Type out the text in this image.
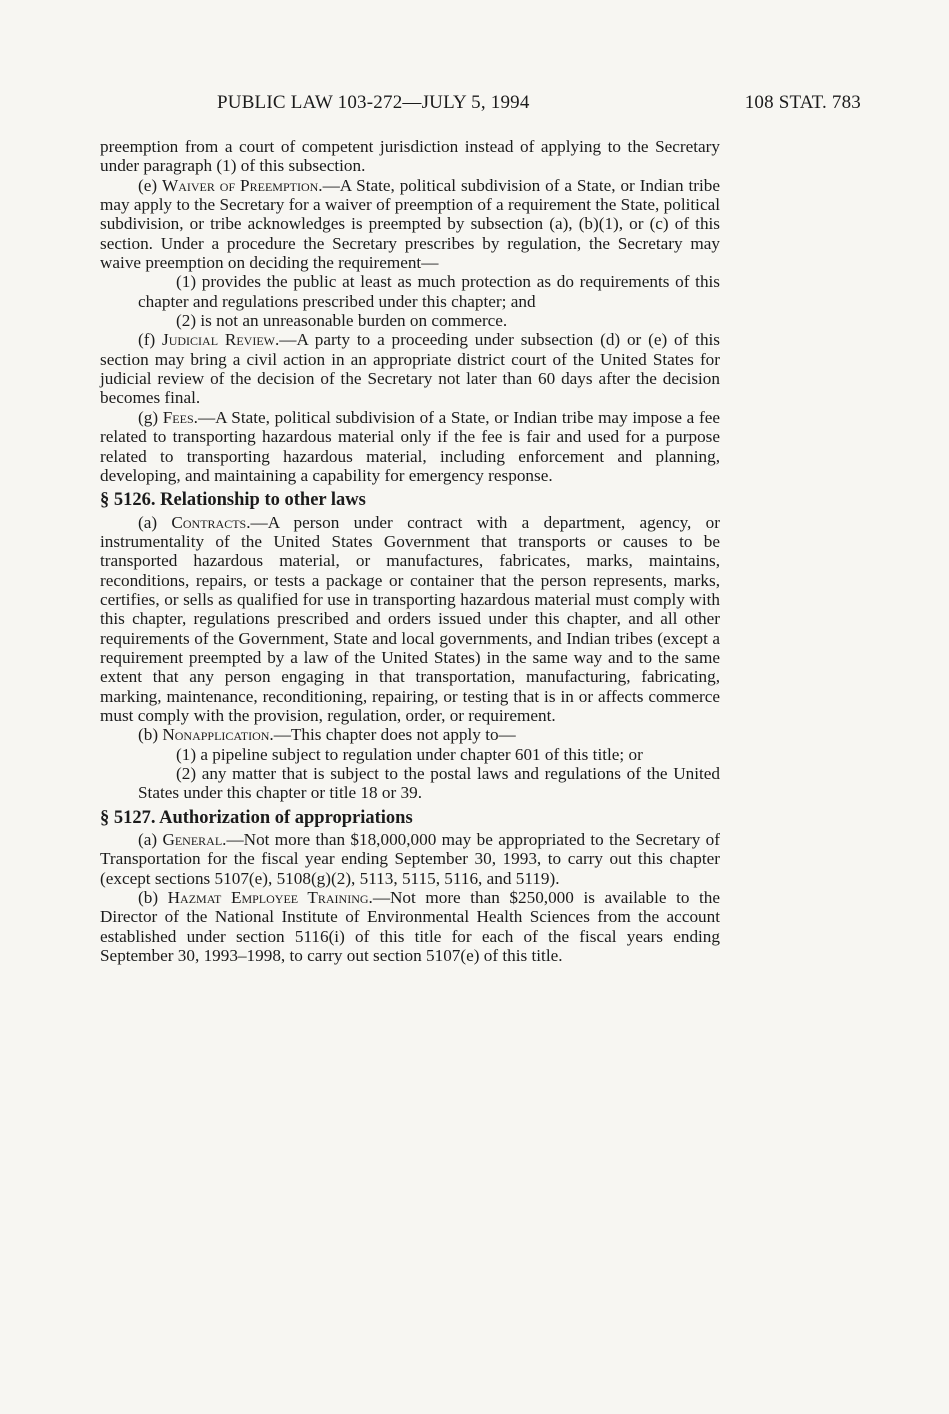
PUBLIC LAW 103-272—JULY 5, 1994	108 STAT. 783

preemption from a court of competent jurisdiction instead of applying to the Secretary under paragraph (1) of this subsection.

(e) Waiver of Preemption.—A State, political subdivision of a State, or Indian tribe may apply to the Secretary for a waiver of preemption of a requirement the State, political subdivision, or tribe acknowledges is preempted by subsection (a), (b)(1), or (c) of this section. Under a procedure the Secretary prescribes by regulation, the Secretary may waive preemption on deciding the requirement—

(1) provides the public at least as much protection as do requirements of this chapter and regulations prescribed under this chapter; and

(2) is not an unreasonable burden on commerce.

(f) Judicial Review.—A party to a proceeding under subsection (d) or (e) of this section may bring a civil action in an appropriate district court of the United States for judicial review of the decision of the Secretary not later than 60 days after the decision becomes final.

(g) Fees.—A State, political subdivision of a State, or Indian tribe may impose a fee related to transporting hazardous material only if the fee is fair and used for a purpose related to transporting hazardous material, including enforcement and planning, developing, and maintaining a capability for emergency response.

§ 5126. Relationship to other laws

(a) Contracts.—A person under contract with a department, agency, or instrumentality of the United States Government that transports or causes to be transported hazardous material, or manufactures, fabricates, marks, maintains, reconditions, repairs, or tests a package or container that the person represents, marks, certifies, or sells as qualified for use in transporting hazardous material must comply with this chapter, regulations prescribed and orders issued under this chapter, and all other requirements of the Government, State and local governments, and Indian tribes (except a requirement preempted by a law of the United States) in the same way and to the same extent that any person engaging in that transportation, manufacturing, fabricating, marking, maintenance, reconditioning, repairing, or testing that is in or affects commerce must comply with the provision, regulation, order, or requirement.

(b) Nonapplication.—This chapter does not apply to—

(1) a pipeline subject to regulation under chapter 601 of this title; or

(2) any matter that is subject to the postal laws and regulations of the United States under this chapter or title 18 or 39.

§ 5127. Authorization of appropriations

(a) General.—Not more than $18,000,000 may be appropriated to the Secretary of Transportation for the fiscal year ending September 30, 1993, to carry out this chapter (except sections 5107(e), 5108(g)(2), 5113, 5115, 5116, and 5119).

(b) Hazmat Employee Training.—Not more than $250,000 is available to the Director of the National Institute of Environmental Health Sciences from the account established under section 5116(i) of this title for each of the fiscal years ending September 30, 1993–1998, to carry out section 5107(e) of this title.
